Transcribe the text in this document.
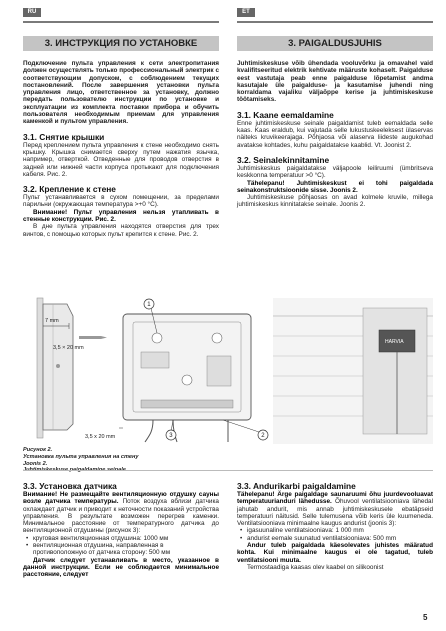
RU	ET
3. ИНСТРУКЦИЯ ПО УСТАНОВКЕ

Подключение пульта управления к сети электропитания должен осуществлять только профессиональный электрик с соответствующим допуском, с соблюдением текущих постановлений. После завершения установки пульта управления лицо, ответственное за установку, должно передать пользователю инструкции по установке и эксплуатации из комплекта поставки прибора и обучить пользователя необходимым приемам для управления каменкой и пультом управления.

3.1. Снятие крышки

Перед креплением пульта управления к стене необходимо снять крышку. Крышка снимается сверху путем нажатия язычка, например, отверткой. Отведенные для проводов отверстия в задней или нижней части корпуса протыкают для подключения кабеля. Рис. 2.

3.2. Крепление к стене

Пульт устанавливается в сухом помещении, за пределами парильни (окружающая температура >+0 °С).

Внимание! Пульт управления нельзя утапливать в стенные конструкции. Рис. 2.

В днe пульта управления находятся отверстия для трех винтов, с помощью которых пульт крепится к стене. Рис. 2.

3. PAIGALDUSJUHIS

Juhtimiskeskuse võib ühendada vooluvõrku ja omavahel vaid kvalifitseeritud elektrik kehtivate määruste kohaselt. Paigalduse eest vastutaja peab enne paigalduse lõpetamist andma kasutajale üle paigalduse- ja kasutamise juhendi ning korraldama vajaliku väljaõppe kerise ja juhtimiskeskuse töötamiseks.

3.1. Kaane eemaldamine

Enne juhtimiskeskuse seinale paigaldamist tuleb eemaldada selle kaas. Kaas eraldub, kui vajutada selle lukustuskeeleksest ülaservas näiteks kruvikeerajaga. Põhjaosa või alaserva liideste augukohad avatakse kohtades, kuhu paigaldatakse kaablid. Vt. Joonist 2.

3.2. Seinalekinnitamine

Juhtimiskeskus paigaldatakse väljapoole leiliruumi (ümbritseva keskkonna temperatuur >0 °C).

Tähelepanu! Juhtimiskeskust ei tohi paigaldada seinakonstruktsioonide sisse. Joonis 2.

Juhtimiskeskuse põhjaosas on avad kolmele kruvile, millega juhtimiskeskus kinnitatakse seinale. Joonis 2.

7 mm
3,5 × 20 mm
3,5 x 20 mm
1
2
3
HARVIA
Рисунок 2.
Установка пульта управления на стену
Joonis 2.
3.3. Установка датчика

Внимание! Не размещайте вентиляционную отдушку сауны возле датчика температуры. Поток воздуха вблизи датчика охлаждает датчик и приводит к неточности показаний устройства управления. В результате возможен перегрев каменки. Минимальное расстояние от температурного датчика до вентиляционной отдушины (рисунок 3):

• круговая вентиляционная отдушина: 1000 мм
• вентиляционная отдушина, направленная в противоположную от датчика сторону: 500 мм

Датчик следует устанавливать в место, указанное в данной инструкции. Если не соблюдается минимальное расстояние, следует

3.3. Andurikarbi paigaldamine

Tähelepanu! Ärge paigaldage saunaruumi õhu juurdevooluavat temperatuurianduri lähedusse. Õhuvool ventilatsiooniava lähedal jahutab andurit, mis annab juhtimiskeskusele ebatäpseid temperatuuri näitusid. Selle tulemusena võib keris üle kuumeneda. Ventilatsiooniava minimaalne kaugus andurist (joonis 3):

• igasuunaline ventilatsiooniava: 1 000 mm
• andurist eemale suunatud ventilatsiooniava: 500 mm

Andur tuleb paigaldada käesolevates juhistes määratud kohta. Kui minimaalne kaugus ei ole tagatud, tuleb ventilatsiooni muuta.

Termostaadiga kaasas olev kaabel on silikoonist

5
